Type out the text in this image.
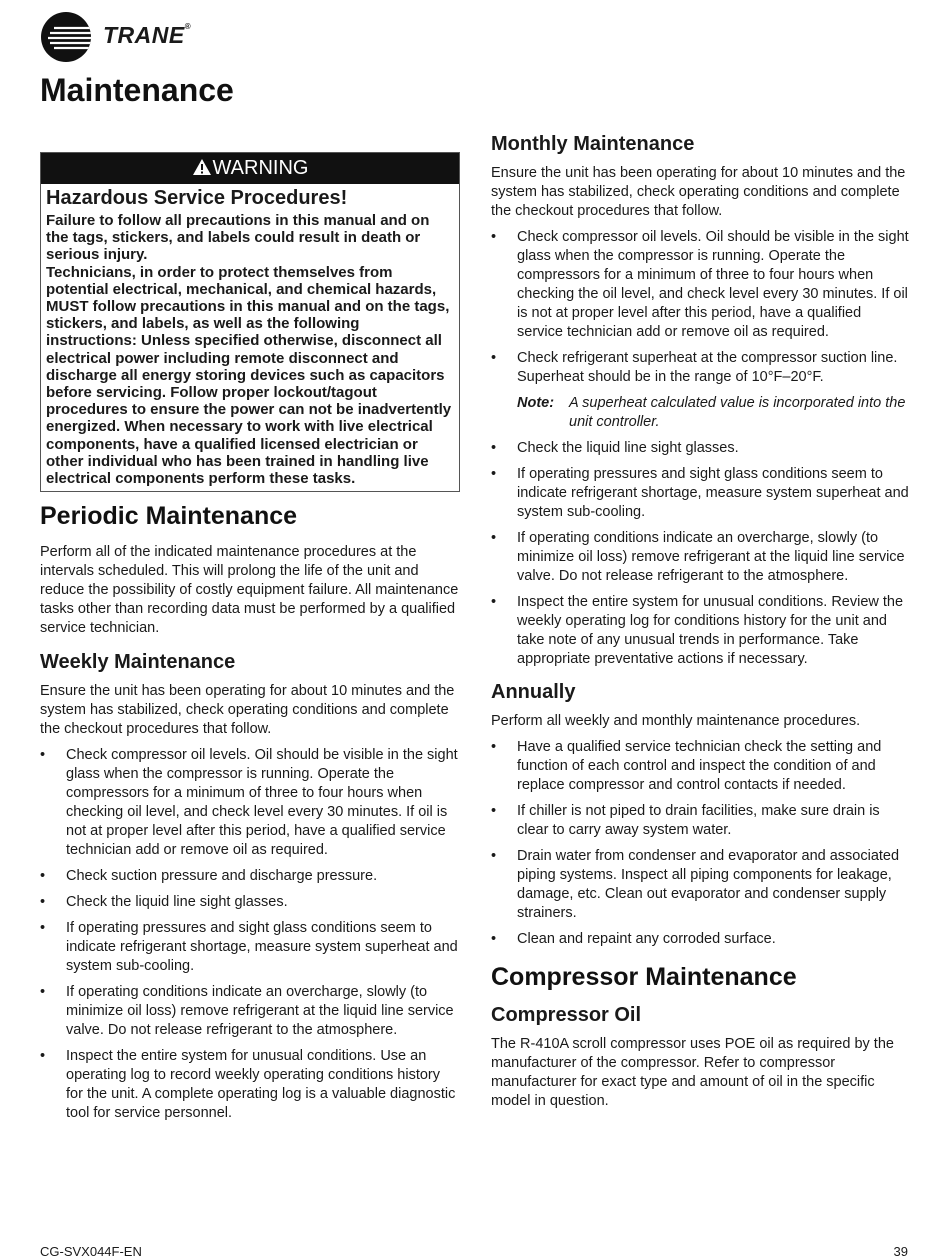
TRANE®
Maintenance
WARNING
Hazardous Service Procedures!

Failure to follow all precautions in this manual and on the tags, stickers, and labels could result in death or serious injury.

Technicians, in order to protect themselves from potential electrical, mechanical, and chemical hazards, MUST follow precautions in this manual and on the tags, stickers, and labels, as well as the following instructions: Unless specified otherwise, disconnect all electrical power including remote disconnect and discharge all energy storing devices such as capacitors before servicing. Follow proper lockout/tagout procedures to ensure the power can not be inadvertently energized. When necessary to work with live electrical components, have a qualified licensed electrician or other individual who has been trained in handling live electrical components perform these tasks.

Periodic Maintenance

Perform all of the indicated maintenance procedures at the intervals scheduled. This will prolong the life of the unit and reduce the possibility of costly equipment failure. All maintenance tasks other than recording data must be performed by a qualified service technician.

Weekly Maintenance

Ensure the unit has been operating for about 10 minutes and the system has stabilized, check operating conditions and complete the checkout procedures that follow.

• Check compressor oil levels. Oil should be visible in the sight glass when the compressor is running. Operate the compressors for a minimum of three to four hours when checking oil level, and check level every 30 minutes. If oil is not at proper level after this period, have a qualified service technician add or remove oil as required.
• Check suction pressure and discharge pressure.
• Check the liquid line sight glasses.
• If operating pressures and sight glass conditions seem to indicate refrigerant shortage, measure system superheat and system sub-cooling.
• If operating conditions indicate an overcharge, slowly (to minimize oil loss) remove refrigerant at the liquid line service valve. Do not release refrigerant to the atmosphere.
• Inspect the entire system for unusual conditions. Use an operating log to record weekly operating conditions history for the unit. A complete operating log is a valuable diagnostic tool for service personnel.
Monthly Maintenance

Ensure the unit has been operating for about 10 minutes and the system has stabilized, check operating conditions and complete the checkout procedures that follow.

• Check compressor oil levels. Oil should be visible in the sight glass when the compressor is running. Operate the compressors for a minimum of three to four hours when checking the oil level, and check level every 30 minutes. If oil is not at proper level after this period, have a qualified service technician add or remove oil as required.
• Check refrigerant superheat at the compressor suction line. Superheat should be in the range of 10°F–20°F.
Note: A superheat calculated value is incorporated into the unit controller.
• Check the liquid line sight glasses.
• If operating pressures and sight glass conditions seem to indicate refrigerant shortage, measure system superheat and system sub-cooling.
• If operating conditions indicate an overcharge, slowly (to minimize oil loss) remove refrigerant at the liquid line service valve. Do not release refrigerant to the atmosphere.
• Inspect the entire system for unusual conditions. Review the weekly operating log for conditions history for the unit and take note of any unusual trends in performance. Take appropriate preventative actions if necessary.
Annually

Perform all weekly and monthly maintenance procedures.

• Have a qualified service technician check the setting and function of each control and inspect the condition of and replace compressor and control contacts if needed.
• If chiller is not piped to drain facilities, make sure drain is clear to carry away system water.
• Drain water from condenser and evaporator and associated piping systems. Inspect all piping components for leakage, damage, etc. Clean out evaporator and condenser supply strainers.
• Clean and repaint any corroded surface.
Compressor Maintenance
Compressor Oil

The R-410A scroll compressor uses POE oil as required by the manufacturer of the compressor. Refer to compressor manufacturer for exact type and amount of oil in the specific model in question.

CG-SVX044F-EN	39
